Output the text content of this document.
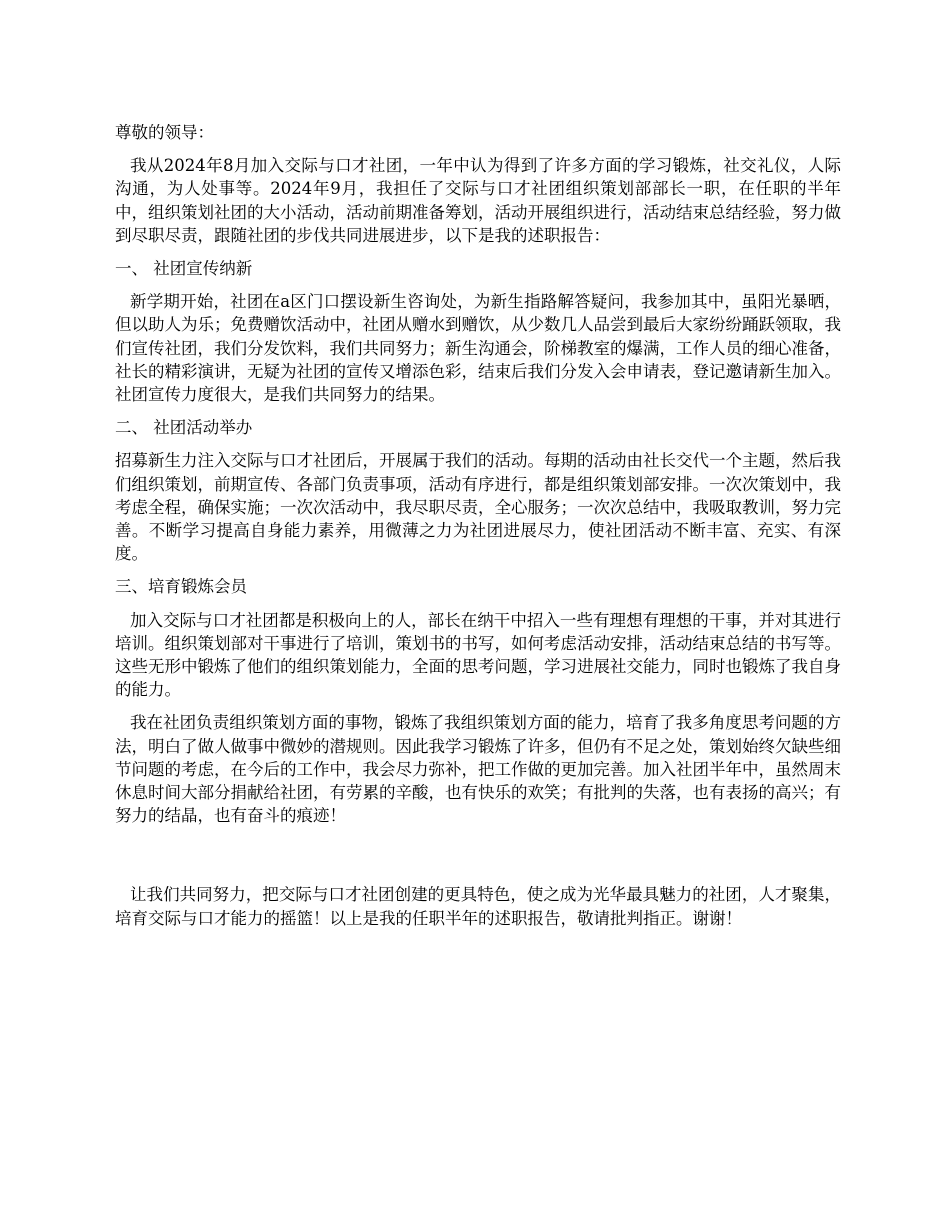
尊敬的领导：

我从2024年8月加入交际与口才社团，一年中认为得到了许多方面的学习锻炼，社交礼仪，人际沟通，为人处事等。2024年9月，我担任了交际与口才社团组织策划部部长一职，在任职的半年中，组织策划社团的大小活动，活动前期准备筹划，活动开展组织进行，活动结束总结经验，努力做到尽职尽责，跟随社团的步伐共同进展进步，以下是我的述职报告：

一、 社团宣传纳新

新学期开始，社团在a区门口摆设新生咨询处，为新生指路解答疑问，我参加其中，虽阳光暴晒，但以助人为乐；免费赠饮活动中，社团从赠水到赠饮，从少数几人品尝到最后大家纷纷踊跃领取，我们宣传社团，我们分发饮料，我们共同努力；新生沟通会，阶梯教室的爆满，工作人员的细心准备，社长的精彩演讲，无疑为社团的宣传又增添色彩，结束后我们分发入会申请表，登记邀请新生加入。社团宣传力度很大，是我们共同努力的结果。

二、 社团活动举办

招募新生力注入交际与口才社团后，开展属于我们的活动。每期的活动由社长交代一个主题，然后我们组织策划，前期宣传、各部门负责事项，活动有序进行，都是组织策划部安排。一次次策划中，我考虑全程，确保实施；一次次活动中，我尽职尽责，全心服务；一次次总结中，我吸取教训，努力完善。不断学习提高自身能力素养，用微薄之力为社团进展尽力，使社团活动不断丰富、充实、有深度。

三、培育锻炼会员

加入交际与口才社团都是积极向上的人，部长在纳干中招入一些有理想有理想的干事，并对其进行培训。组织策划部对干事进行了培训，策划书的书写，如何考虑活动安排，活动结束总结的书写等。这些无形中锻炼了他们的组织策划能力，全面的思考问题，学习进展社交能力，同时也锻炼了我自身的能力。

我在社团负责组织策划方面的事物，锻炼了我组织策划方面的能力，培育了我多角度思考问题的方法，明白了做人做事中微妙的潜规则。因此我学习锻炼了许多，但仍有不足之处，策划始终欠缺些细节问题的考虑，在今后的工作中，我会尽力弥补，把工作做的更加完善。加入社团半年中，虽然周末休息时间大部分捐献给社团，有劳累的辛酸，也有快乐的欢笑；有批判的失落，也有表扬的高兴；有努力的结晶，也有奋斗的痕迹！

让我们共同努力，把交际与口才社团创建的更具特色，使之成为光华最具魅力的社团，人才聚集，培育交际与口才能力的摇篮！以上是我的任职半年的述职报告，敬请批判指正。谢谢！
